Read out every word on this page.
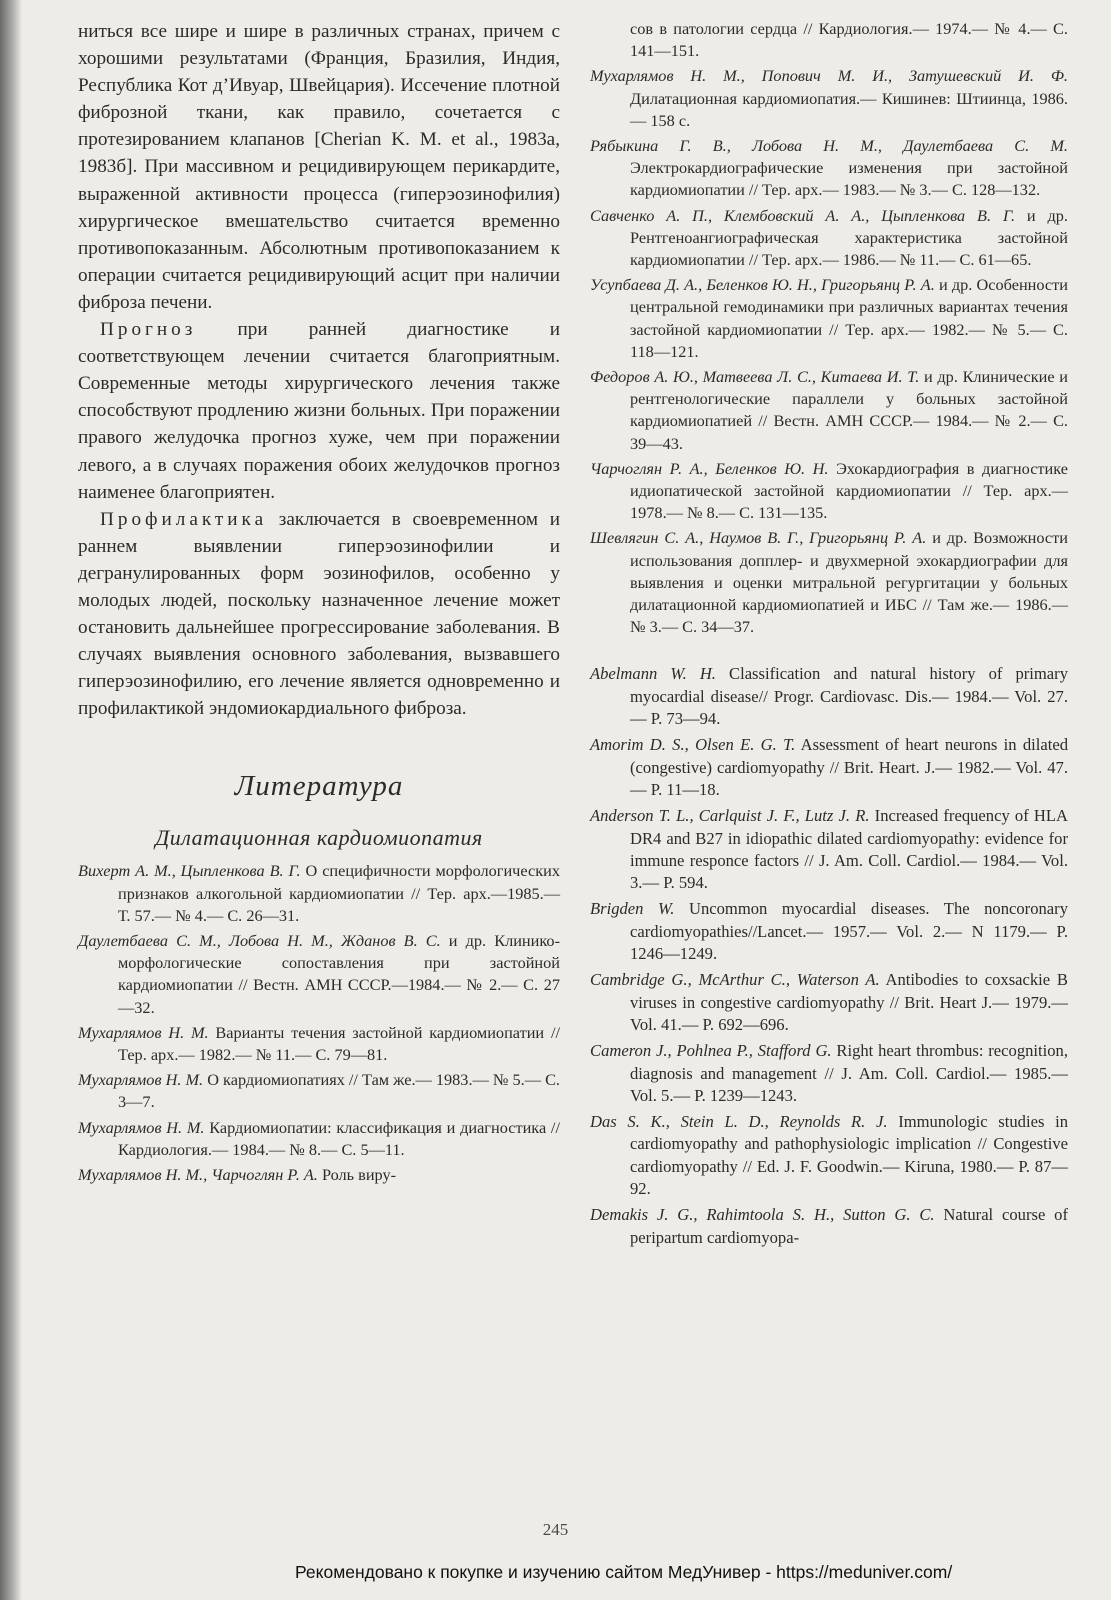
ниться все шире и шире в различных странах, причем с хорошими результатами (Франция, Бразилия, Индия, Республика Кот д’Ивуар, Швейцария). Иссечение плотной фиброзной ткани, как правило, сочетается с протезированием клапанов [Cherian K. M. et al., 1983a, 1983б]. При массивном и рецидивирующем перикардите, выраженной активности процесса (гиперэозинофилия) хирургическое вмешательство считается временно противопоказанным. Абсолютным противопоказанием к операции считается рецидивирующий асцит при наличии фиброза печени.

Прогноз при ранней диагностике и соответствующем лечении считается благоприятным. Современные методы хирургического лечения также способствуют продлению жизни больных. При поражении правого желудочка прогноз хуже, чем при поражении левого, а в случаях поражения обоих желудочков прогноз наименее благоприятен.

Профилактика заключается в своевременном и раннем выявлении гиперэозинофилии и дегранулированных форм эозинофилов, особенно у молодых людей, поскольку назначенное лечение может остановить дальнейшее прогрессирование заболевания. В случаях выявления основного заболевания, вызвавшего гиперэозинофилию, его лечение является одновременно и профилактикой эндомиокардиального фиброза.

Литература
Дилатационная кардиомиопатия
Вихерт А. М., Цыпленкова В. Г. О специфичности морфологических признаков алкогольной кардиомиопатии // Тер. арх.—1985.— Т. 57.— № 4.— С. 26—31.
Даулетбаева С. М., Лобова Н. М., Жданов В. С. и др. Клинико-морфологические сопоставления при застойной кардиомиопатии // Вестн. АМН СССР.—1984.— № 2.— С. 27—32.
Мухарлямов Н. М. Варианты течения застойной кардиомиопатии // Тер. арх.— 1982.— № 11.— С. 79—81.
Мухарлямов Н. М. О кардиомиопатиях // Там же.— 1983.— № 5.— С. 3—7.
Мухарлямов Н. М. Кардиомиопатии: классификация и диагностика // Кардиология.— 1984.— № 8.— С. 5—11.
Мухарлямов Н. М., Чарчоглян Р. А. Роль виру-
сов в патологии сердца // Кардиология.— 1974.— № 4.— С. 141—151.
Мухарлямов Н. М., Попович М. И., Затушевский И. Ф. Дилатационная кардиомиопатия.— Кишинев: Штиинца, 1986.— 158 с.
Рябыкина Г. В., Лобова Н. М., Даулетбаева С. М. Электрокардиографические изменения при застойной кардиомиопатии // Тер. арх.— 1983.— № 3.— С. 128—132.
Савченко А. П., Клембовский А. А., Цыпленкова В. Г. и др. Рентгеноангиографическая характеристика застойной кардиомиопатии // Тер. арх.— 1986.— № 11.— С. 61—65.
Усупбаева Д. А., Беленков Ю. Н., Григорьянц Р. А. и др. Особенности центральной гемодинамики при различных вариантах течения застойной кардиомиопатии // Тер. арх.— 1982.— № 5.— С. 118—121.
Федоров А. Ю., Матвеева Л. С., Китаева И. Т. и др. Клинические и рентгенологические параллели у больных застойной кардиомиопатией // Вестн. АМН СССР.— 1984.— № 2.— С. 39—43.
Чарчоглян Р. А., Беленков Ю. Н. Эхокардиография в диагностике идиопатической застойной кардиомиопатии // Тер. арх.— 1978.— № 8.— С. 131—135.
Шевлягин С. А., Наумов В. Г., Григорьянц Р. А. и др. Возможности использования допплер- и двухмерной эхокардиографии для выявления и оценки митральной регургитации у больных дилатационной кардиомиопатией и ИБС // Там же.— 1986.— № 3.— С. 34—37.
Abelmann W. H. Classification and natural history of primary myocardial disease// Progr. Cardiovasc. Dis.— 1984.— Vol. 27.— P. 73—94.
Amorim D. S., Olsen E. G. T. Assessment of heart neurons in dilated (congestive) cardiomyopathy // Brit. Heart. J.— 1982.— Vol. 47.— P. 11—18.
Anderson T. L., Carlquist J. F., Lutz J. R. Increased frequency of HLA DR4 and B27 in idiopathic dilated cardiomyopathy: evidence for immune responce factors // J. Am. Coll. Cardiol.— 1984.— Vol. 3.— P. 594.
Brigden W. Uncommon myocardial diseases. The noncoronary cardiomyopathies//Lancet.— 1957.— Vol. 2.— N 1179.— P. 1246—1249.
Cambridge G., McArthur C., Waterson A. Antibodies to coxsackie B viruses in congestive cardiomyopathy // Brit. Heart J.— 1979.— Vol. 41.— P. 692—696.
Cameron J., Pohlnea P., Stafford G. Right heart thrombus: recognition, diagnosis and management // J. Am. Coll. Cardiol.— 1985.— Vol. 5.— P. 1239—1243.
Das S. K., Stein L. D., Reynolds R. J. Immunologic studies in cardiomyopathy and pathophysiologic implication // Congestive cardiomyopathy // Ed. J. F. Goodwin.— Kiruna, 1980.— P. 87—92.
Demakis J. G., Rahimtoola S. H., Sutton G. C. Natural course of peripartum cardiomyopa-
245
Рекомендовано к покупке и изучению сайтом МедУнивер - https://meduniver.com/
